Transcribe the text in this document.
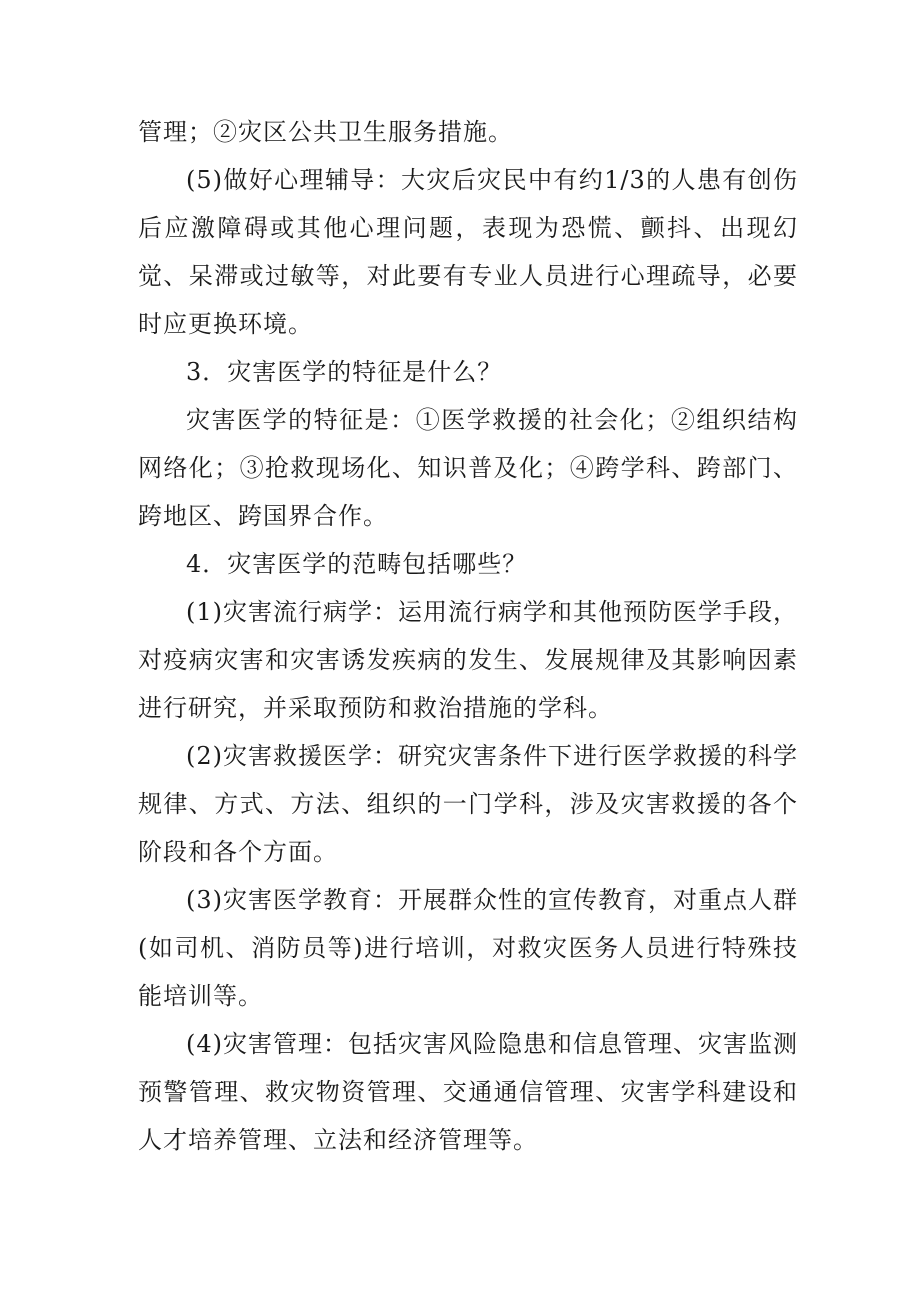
管理；②灾区公共卫生服务措施。

(5)做好心理辅导：大灾后灾民中有约1/3的人患有创伤后应激障碍或其他心理问题，表现为恐慌、颤抖、出现幻觉、呆滞或过敏等，对此要有专业人员进行心理疏导，必要时应更换环境。

3．灾害医学的特征是什么？

灾害医学的特征是：①医学救援的社会化；②组织结构网络化；③抢救现场化、知识普及化；④跨学科、跨部门、跨地区、跨国界合作。

4．灾害医学的范畴包括哪些？

(1)灾害流行病学：运用流行病学和其他预防医学手段，对疫病灾害和灾害诱发疾病的发生、发展规律及其影响因素进行研究，并采取预防和救治措施的学科。

(2)灾害救援医学：研究灾害条件下进行医学救援的科学规律、方式、方法、组织的一门学科，涉及灾害救援的各个阶段和各个方面。

(3)灾害医学教育：开展群众性的宣传教育，对重点人群(如司机、消防员等)进行培训，对救灾医务人员进行特殊技能培训等。

(4)灾害管理：包括灾害风险隐患和信息管理、灾害监测预警管理、救灾物资管理、交通通信管理、灾害学科建设和人才培养管理、立法和经济管理等。
